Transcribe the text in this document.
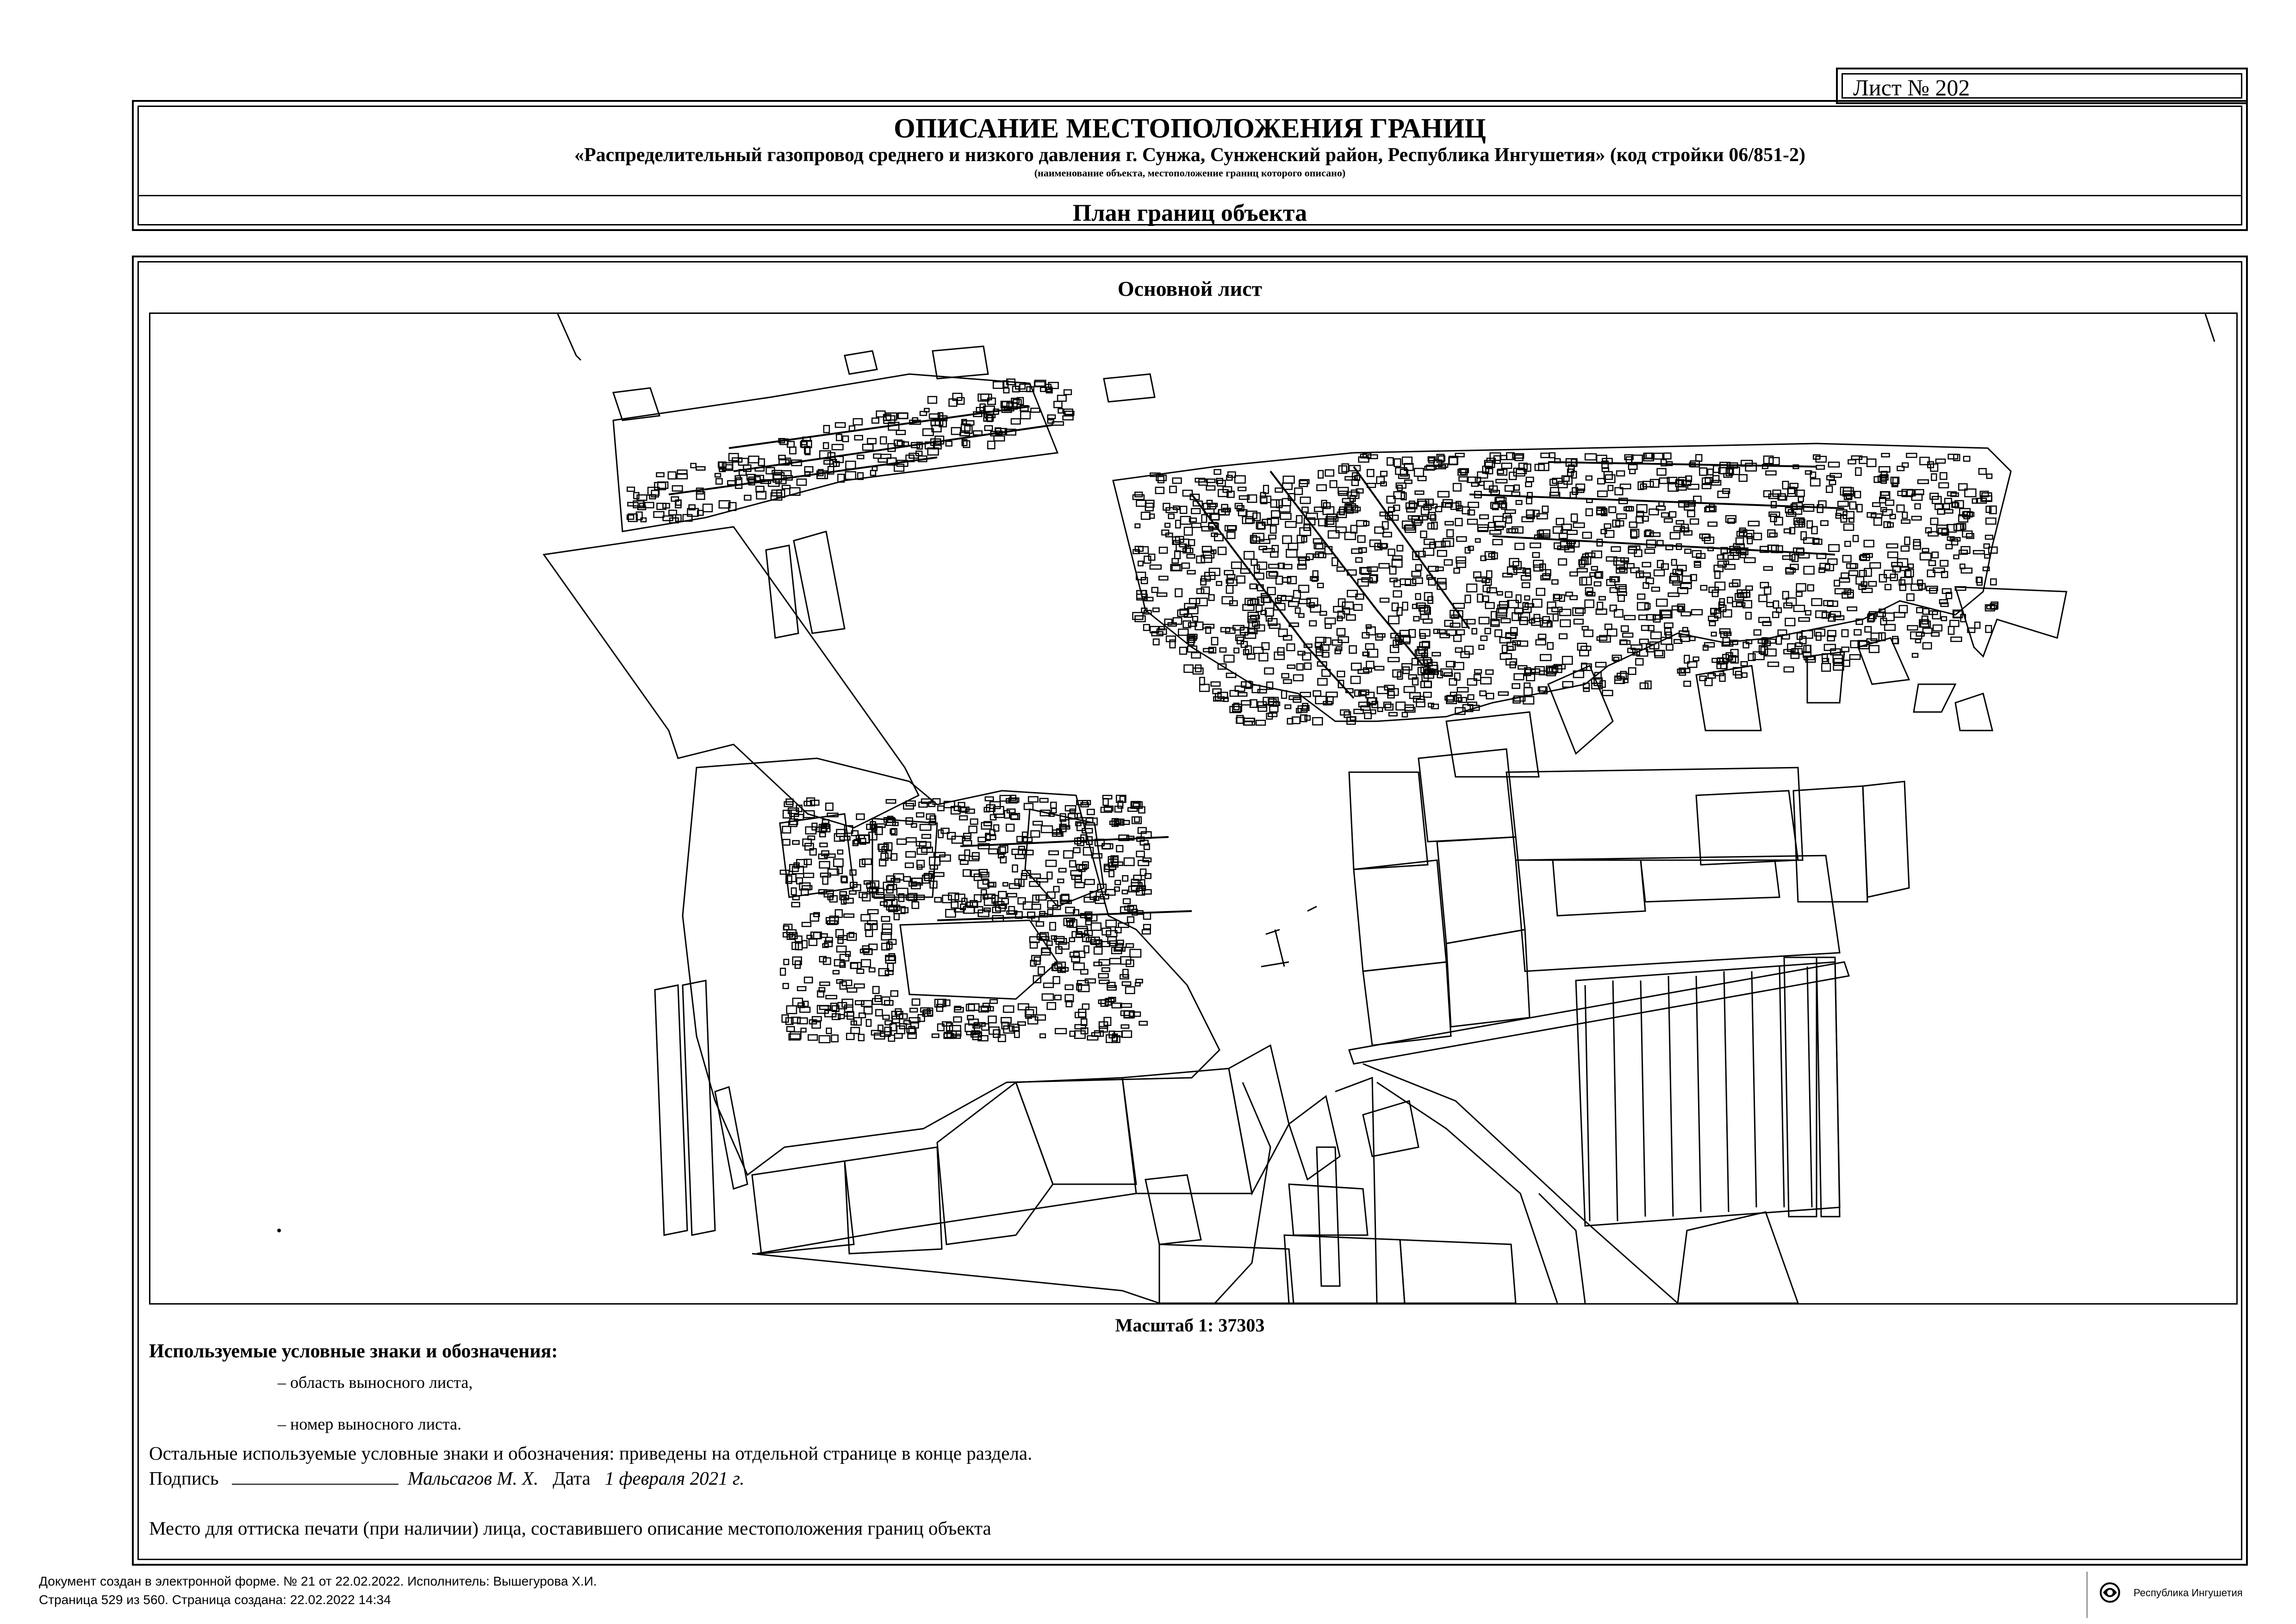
Лист № 202
ОПИСАНИЕ МЕСТОПОЛОЖЕНИЯ ГРАНИЦ
«Распределительный газопровод среднего и низкого давления г. Сунжа, Сунженский район, Республика Ингушетия» (код стройки 06/851-2)
(наименование объекта, местоположение границ которого описано)
План границ объекта
Основной лист
Масштаб 1: 37303
Используемые условные знаки и обозначения:
– область выносного листа,
– номер выносного листа.
Остальные используемые условные знаки и обозначения: приведены на отдельной странице в конце раздела.
Подпись	Мальсагов М. Х. Дата 1 февраля 2021 г.
Место для оттиска печати (при наличии) лица, составившего описание местоположения границ объекта
Документ создан в электронной форме. № 21 от 22.02.2022. Исполнитель: Вышегурова Х.И.
Страница 529 из 560. Страница создана: 22.02.2022 14:34	Республика Ингушетия
